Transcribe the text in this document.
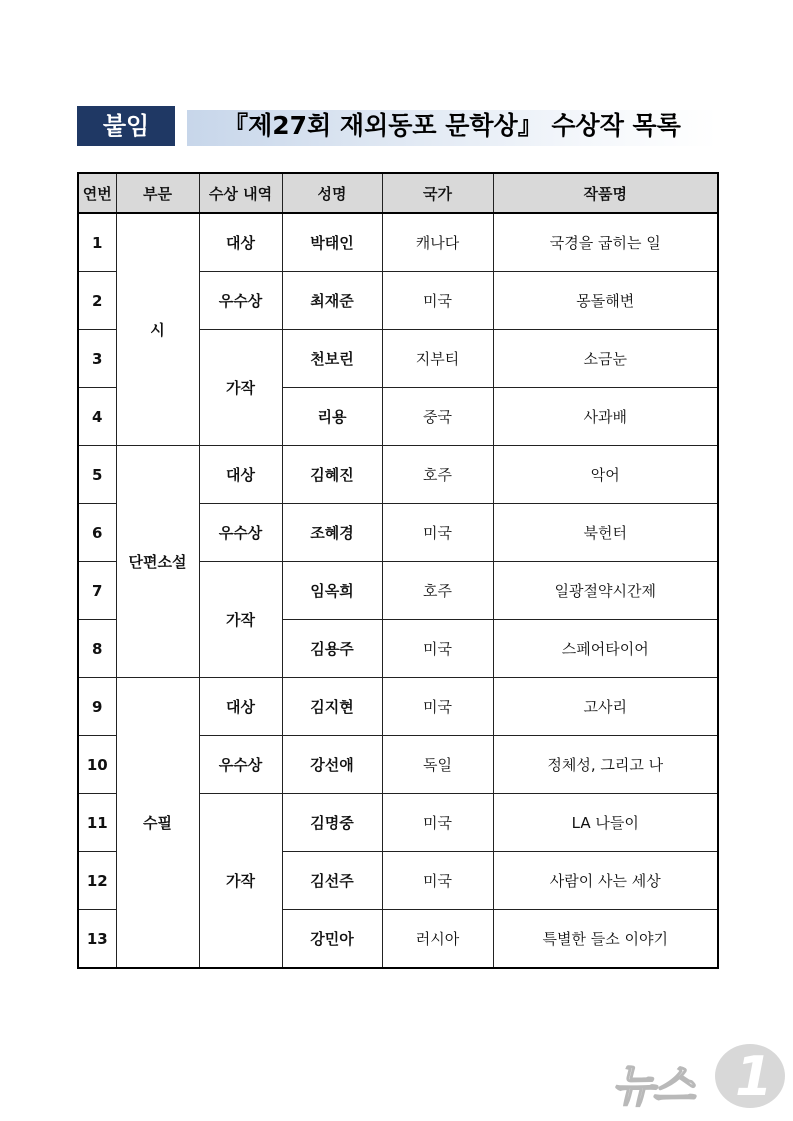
붙임	『제27회 재외동포 문학상』 수상작 목록
연번	부문	수상 내역	성명	국가	작품명
1	시	대상	박태인	캐나다	국경을 굽히는 일
2		우수상	최재준	미국	몽돌해변
3		가작	천보린	지부티	소금눈
4			리용	중국	사과배
5	단편소설	대상	김혜진	호주	악어
6		우수상	조혜경	미국	북헌터
7		가작	임옥희	호주	일광절약시간제
8			김용주	미국	스페어타이어
9	수필	대상	김지현	미국	고사리
10		우수상	강선애	독일	정체성, 그리고 나
11		가작	김명중	미국	LA 나들이
12			김선주	미국	사람이 사는 세상
13			강민아	러시아	특별한 들소 이야기
뉴스 1
